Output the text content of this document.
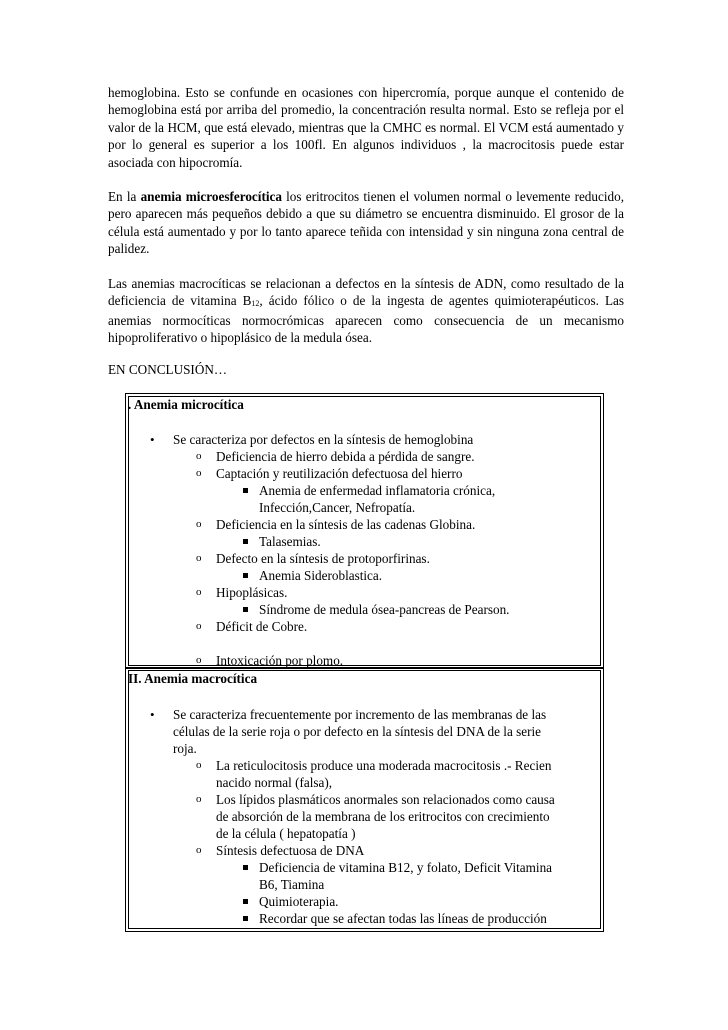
hemoglobina. Esto se confunde en ocasiones con hipercromía, porque aunque el contenido de hemoglobina está por arriba del promedio, la concentración resulta normal. Esto se refleja por el valor de la HCM, que está elevado, mientras que la CMHC es normal. El VCM está aumentado y por lo general es superior a los 100fl. En algunos individuos , la macrocitosis puede estar asociada con hipocromía.

En la anemia microesferocítica los eritrocitos tienen el volumen normal o levemente reducido, pero aparecen más pequeños debido a que su diámetro se encuentra disminuido. El grosor de la célula está aumentado y por lo tanto aparece teñida con intensidad y sin ninguna zona central de palidez.

Las anemias macrocíticas se relacionan a defectos en la síntesis de ADN, como resultado de la deficiencia de vitamina $B_{12}$, ácido fólico o de la ingesta de agentes quimioterapéuticos. Las anemias normocíticas normocrómicas aparecen como consecuencia de un mecanismo hipoproliferativo o hipoplásico de la medula ósea.

EN CONCLUSIÓN…

. Anemia microcítica
• Se caracteriza por defectos en la síntesis de hemoglobina
o Deficiencia de hierro debida a pérdida de sangre.
o Captación y reutilización defectuosa del hierro
Anemia de enfermedad inflamatoria crónica,
Infección,Cancer, Nefropatía.
o Deficiencia en la síntesis de las cadenas Globina.
Talasemias.
o Defecto en la síntesis de protoporfirinas.
Anemia Sideroblastica.
o Hipoplásicas.
Síndrome de medula ósea-pancreas de Pearson.
o Déficit de Cobre.
o Intoxicación por plomo.
II. Anemia macrocítica
• Se caracteriza frecuentemente por incremento de las membranas de las
células de la serie roja o por defecto en la síntesis del DNA de la serie
roja.
o La reticulocitosis produce una moderada macrocitosis .- Recien
nacido normal (falsa),
o Los lípidos plasmáticos anormales son relacionados como causa
de absorción de la membrana de los eritrocitos con crecimiento
de la célula ( hepatopatía )
o Síntesis defectuosa de DNA
Deficiencia de vitamina B12, y folato, Deficit Vitamina
B6, Tiamina
Quimioterapia.
Recordar que se afectan todas las líneas de producción
